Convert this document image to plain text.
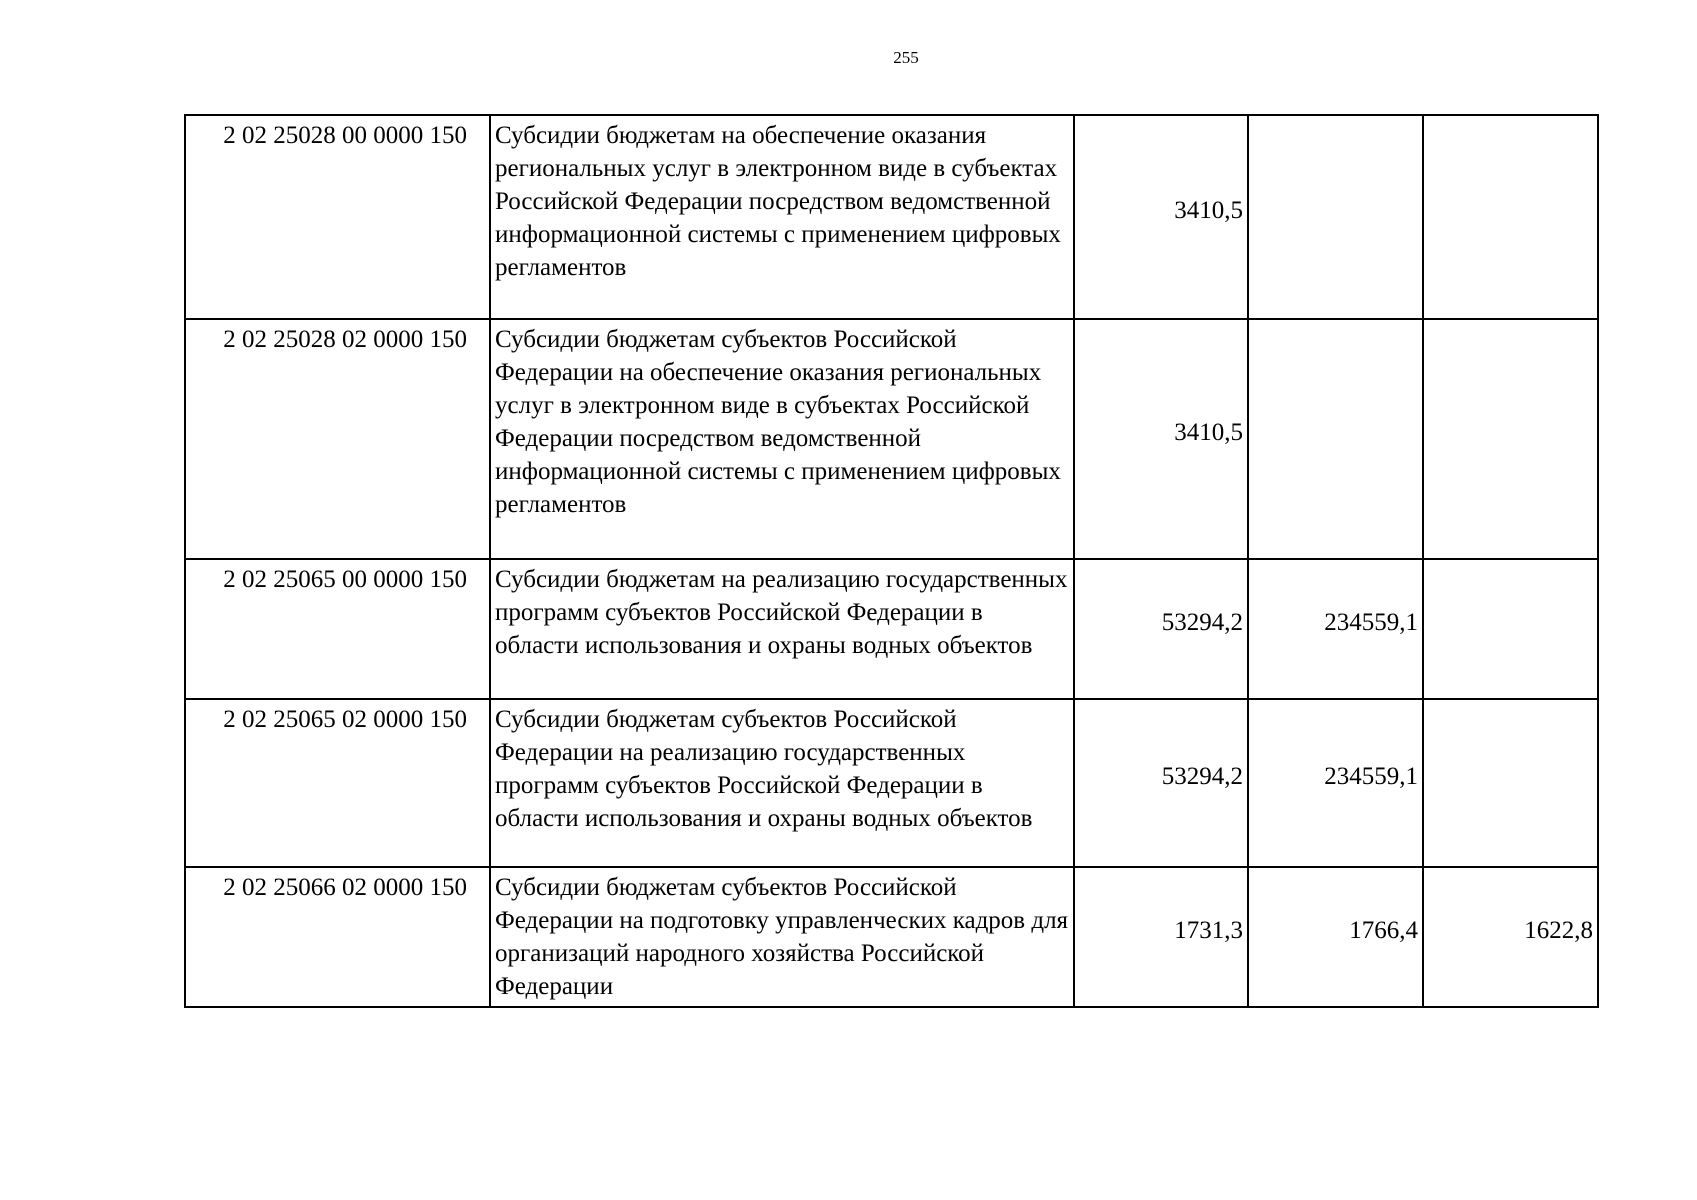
255
2 02 25028 00 0000 150	Субсидии бюджетам на обеспечение оказания региональных услуг в электронном виде в субъектах Российской Федерации посредством ведомственной информационной системы с применением цифровых регламентов	3410,5		
2 02 25028 02 0000 150	Субсидии бюджетам субъектов Российской Федерации на обеспечение оказания региональных услуг в электронном виде в субъектах Российской Федерации посредством ведомственной информационной системы с применением цифровых регламентов	3410,5		
2 02 25065 00 0000 150	Субсидии бюджетам на реализацию государственных программ субъектов Российской Федерации в области использования и охраны водных объектов	53294,2	234559,1	
2 02 25065 02 0000 150	Субсидии бюджетам субъектов Российской Федерации на реализацию государственных программ субъектов Российской Федерации в области использования и охраны водных объектов	53294,2	234559,1	
2 02 25066 02 0000 150	Субсидии бюджетам субъектов Российской Федерации на подготовку управленческих кадров для организаций народного хозяйства Российской Федерации	1731,3	1766,4	1622,8
